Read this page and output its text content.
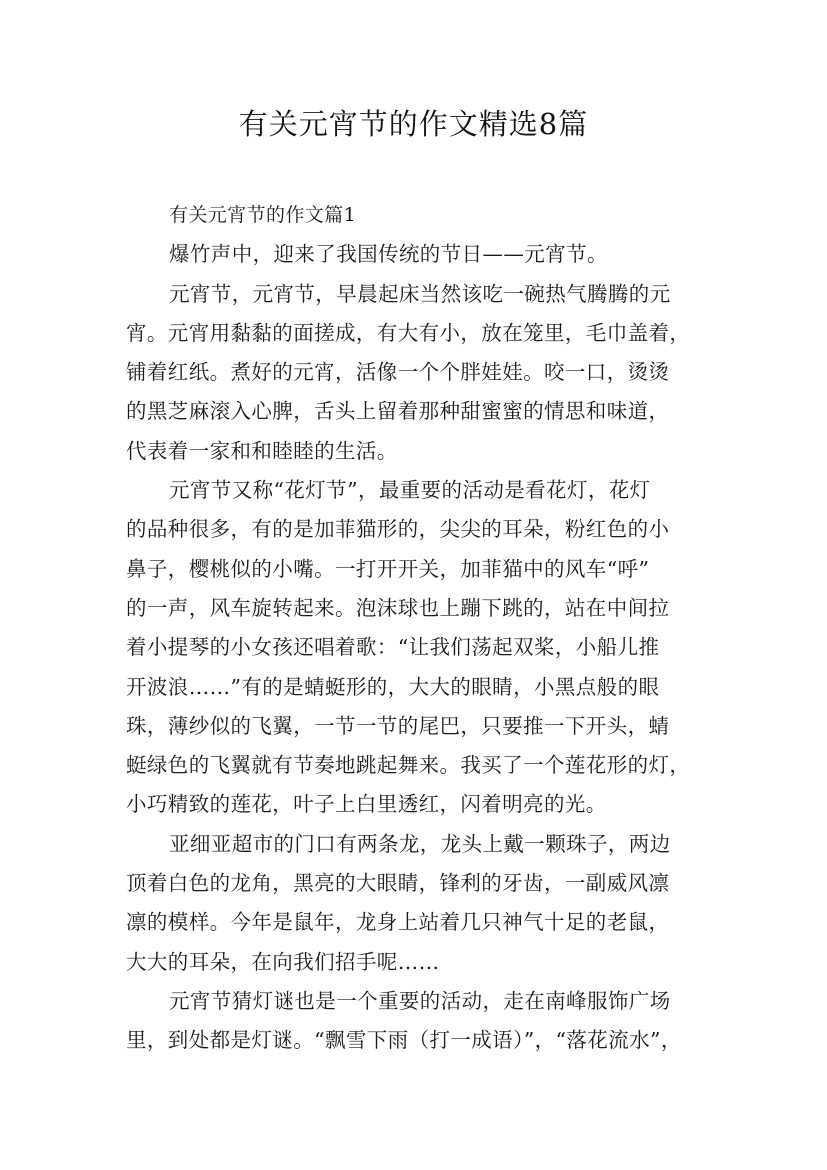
有关元宵节的作文精选8篇

有关元宵节的作文篇1

爆竹声中，迎来了我国传统的节日——元宵节。

元宵节，元宵节，早晨起床当然该吃一碗热气腾腾的元

宵。元宵用黏黏的面搓成，有大有小，放在笼里，毛巾盖着，

铺着红纸。煮好的元宵，活像一个个胖娃娃。咬一口，烫烫

的黑芝麻滚入心脾，舌头上留着那种甜蜜蜜的情思和味道，

代表着一家和和睦睦的生活。

元宵节又称“花灯节”，最重要的活动是看花灯，花灯

的品种很多，有的是加菲猫形的，尖尖的耳朵，粉红色的小

鼻子，樱桃似的小嘴。一打开开关，加菲猫中的风车“呼”

的一声，风车旋转起来。泡沫球也上蹦下跳的，站在中间拉

着小提琴的小女孩还唱着歌：“让我们荡起双桨，小船儿推

开波浪……”有的是蜻蜓形的，大大的眼睛，小黑点般的眼

珠，薄纱似的飞翼，一节一节的尾巴，只要推一下开头，蜻

蜓绿色的飞翼就有节奏地跳起舞来。我买了一个莲花形的灯，

小巧精致的莲花，叶子上白里透红，闪着明亮的光。

亚细亚超市的门口有两条龙，龙头上戴一颗珠子，两边

顶着白色的龙角，黑亮的大眼睛，锋利的牙齿，一副威风凛

凛的模样。今年是鼠年，龙身上站着几只神气十足的老鼠，

大大的耳朵，在向我们招手呢……

元宵节猜灯谜也是一个重要的活动，走在南峰服饰广场

里，到处都是灯谜。“飘雪下雨（打一成语）”，“落花流水”，
